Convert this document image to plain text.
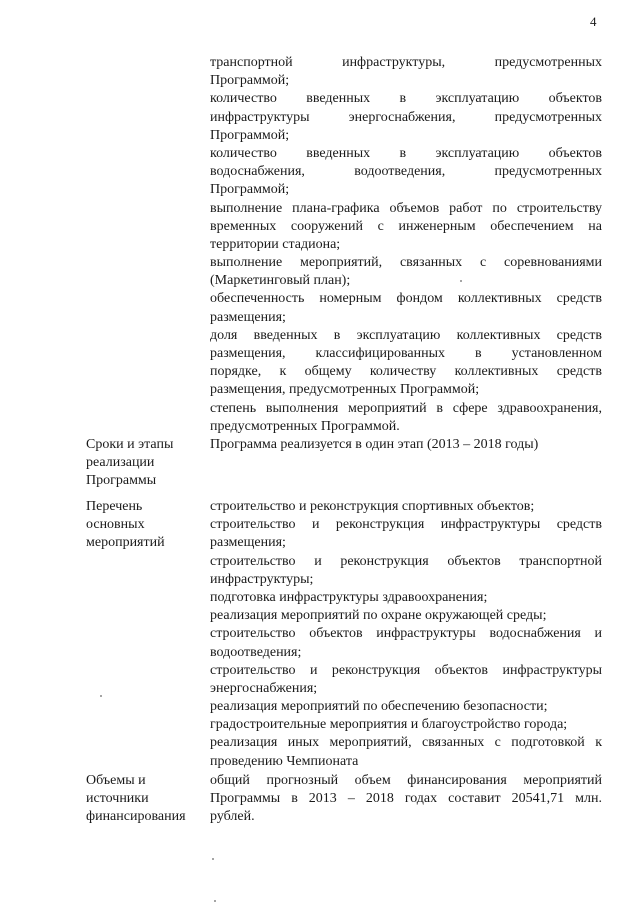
4
транспортной инфраструктуры, предусмотренных
Программой;
количество введенных в эксплуатацию объектов
инфраструктуры энергоснабжения, предусмотренных
Программой;
количество введенных в эксплуатацию объектов
водоснабжения, водоотведения, предусмотренных
Программой;
выполнение плана-графика объемов работ по строительству
временных сооружений с инженерным обеспечением на
территории стадиона;
выполнение мероприятий, связанных с соревнованиями
(Маркетинговый план);
обеспеченность номерным фондом коллективных средств
размещения;
доля введенных в эксплуатацию коллективных средств
размещения, классифицированных в установленном
порядке, к общему количеству коллективных средств
размещения, предусмотренных Программой;
степень выполнения мероприятий в сфере здравоохранения,
предусмотренных Программой.
Сроки и этапы
реализации
Программы
Программа реализуется в один этап (2013 – 2018 годы)
Перечень
основных
мероприятий
строительство и реконструкция спортивных объектов;
строительство и реконструкция инфраструктуры средств
размещения;
строительство и реконструкция объектов транспортной
инфраструктуры;
подготовка инфраструктуры здравоохранения;
реализация мероприятий по охране окружающей среды;
строительство объектов инфраструктуры водоснабжения и
водоотведения;
строительство и реконструкция объектов инфраструктуры
энергоснабжения;
реализация мероприятий по обеспечению безопасности;
градостроительные мероприятия и благоустройство города;
реализация иных мероприятий, связанных с подготовкой к
проведению Чемпионата
Объемы и
источники
финансирования
общий прогнозный объем финансирования мероприятий
Программы в 2013 – 2018 годах составит 20541,71 млн.
рублей.
